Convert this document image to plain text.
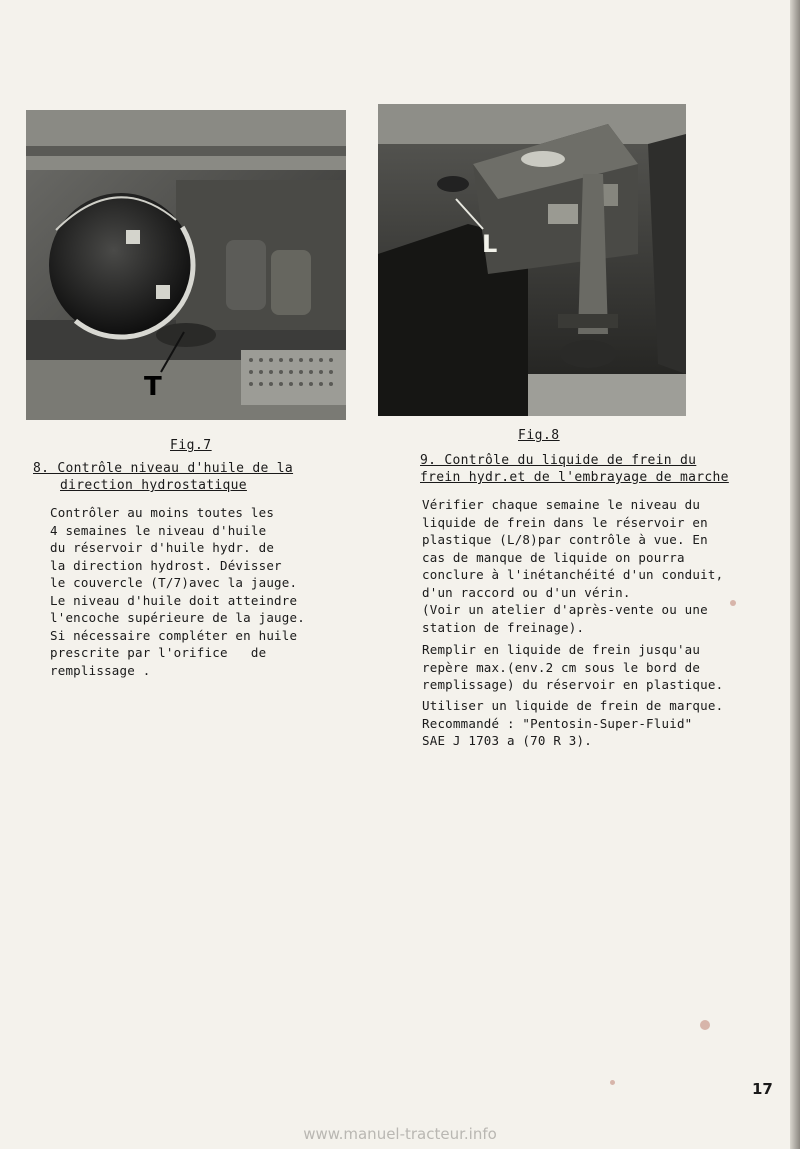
T
L
Fig.7
8. Contrôle niveau d'huile de la
direction hydrostatique

Contrôler au moins toutes les

4 semaines le niveau d'huile

du réservoir d'huile hydr. de

la direction hydrost. Dévisser

le couvercle (T/7)avec la jauge.

Le niveau d'huile doit atteindre

l'encoche supérieure de la jauge.

Si nécessaire compléter en huile

prescrite par l'orifice   de

remplissage .

Fig.8
9. Contrôle du liquide de frein du
frein hydr.et de l'embrayage de marche

Vérifier chaque semaine le niveau du

liquide de frein dans le réservoir en

plastique (L/8)par contrôle à vue. En

cas de manque de liquide on pourra

conclure à l'inétanchéité d'un conduit,

d'un raccord ou d'un vérin.

(Voir un atelier d'après-vente ou une

station de freinage).

Remplir en liquide de frein jusqu'au

repère max.(env.2 cm sous le bord de

remplissage) du réservoir en plastique.

Utiliser un liquide de frein de marque.

Recommandé : "Pentosin-Super-Fluid"

SAE J 1703 a (70 R 3).

17
www.manuel-tracteur.info
